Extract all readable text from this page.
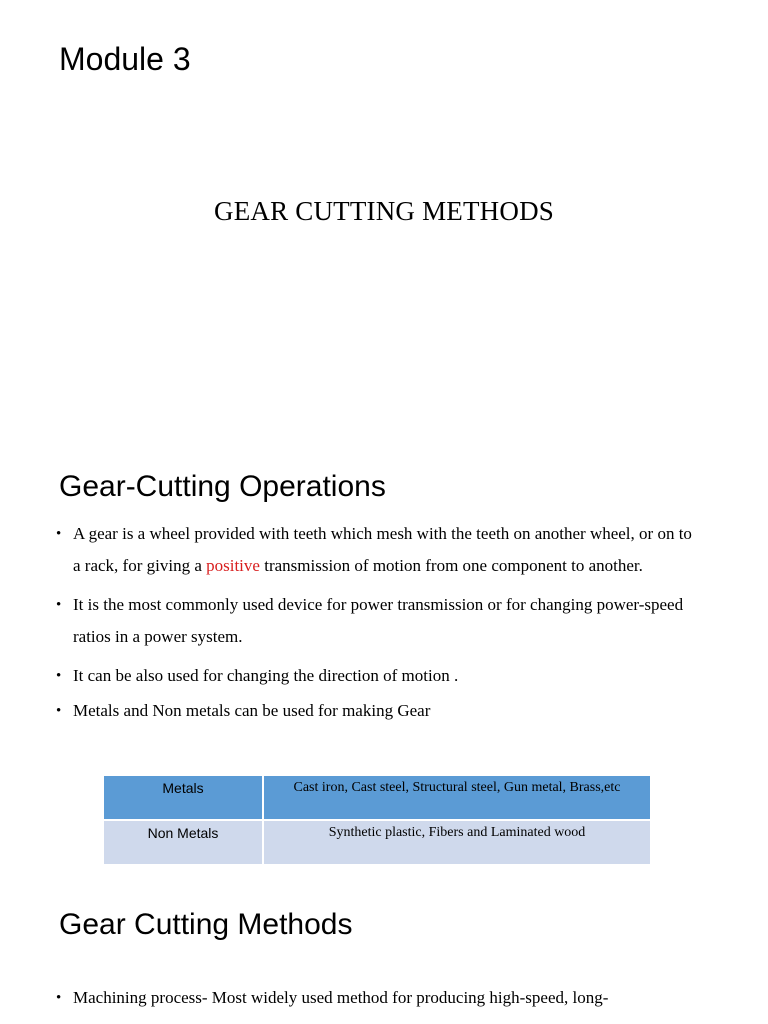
Module 3
GEAR CUTTING METHODS
Gear-Cutting Operations
• A gear is a wheel provided with teeth which mesh with the teeth on another wheel, or on to a rack, for giving a positive transmission of motion from one component to another.
• It is the most commonly used device for power transmission or for changing power-speed ratios in a power system.
• It can be also used for changing the direction of motion .
• Metals and Non metals can be used for making Gear
Metals	Cast iron, Cast steel, Structural steel, Gun metal, Brass,etc
Non Metals	Synthetic plastic, Fibers and Laminated wood
Gear Cutting Methods
• Machining process- Most widely used method for producing high-speed, long-
